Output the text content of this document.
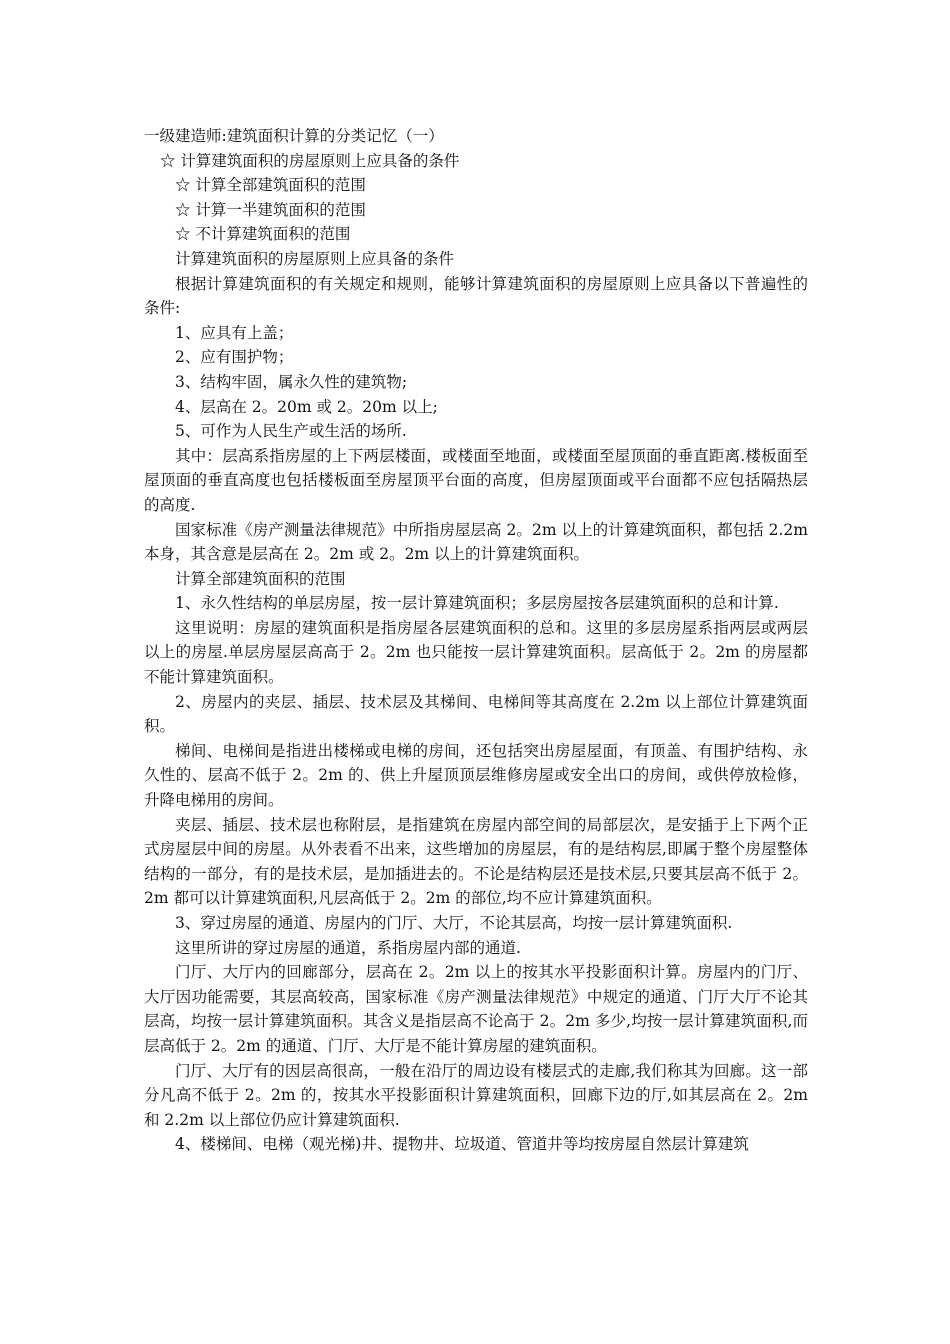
一级建造师:建筑面积计算的分类记忆（一）
☆ 计算建筑面积的房屋原则上应具备的条件
☆ 计算全部建筑面积的范围
☆ 计算一半建筑面积的范围
☆ 不计算建筑面积的范围

计算建筑面积的房屋原则上应具备的条件

根据计算建筑面积的有关规定和规则，能够计算建筑面积的房屋原则上应具备以下普遍性的条件:

1、应具有上盖；

2、应有围护物；

3、结构牢固，属永久性的建筑物;

4、层高在 2。20m 或 2。20m 以上;

5、可作为人民生产或生活的场所.

其中：层高系指房屋的上下两层楼面，或楼面至地面，或楼面至屋顶面的垂直距离.楼板面至屋顶面的垂直高度也包括楼板面至房屋顶平台面的高度，但房屋顶面或平台面都不应包括隔热层的高度.

国家标准《房产测量法律规范》中所指房屋层高 2。2m 以上的计算建筑面积，都包括 2.2m 本身，其含意是层高在 2。2m 或 2。2m 以上的计算建筑面积。

计算全部建筑面积的范围

1、永久性结构的单层房屋，按一层计算建筑面积；多层房屋按各层建筑面积的总和计算.

这里说明：房屋的建筑面积是指房屋各层建筑面积的总和。这里的多层房屋系指两层或两层以上的房屋.单层房屋层高高于 2。2m 也只能按一层计算建筑面积。层高低于 2。2m 的房屋都不能计算建筑面积。

2、房屋内的夹层、插层、技术层及其梯间、电梯间等其高度在 2.2m 以上部位计算建筑面积。

梯间、电梯间是指进出楼梯或电梯的房间，还包括突出房屋屋面，有顶盖、有围护结构、永久性的、层高不低于 2。2m 的、供上升屋顶顶层维修房屋或安全出口的房间，或供停放检修，升降电梯用的房间。

夹层、插层、技术层也称附层，是指建筑在房屋内部空间的局部层次，是安插于上下两个正式房屋层中间的房屋。从外表看不出来，这些增加的房屋层，有的是结构层,即属于整个房屋整体结构的一部分，有的是技术层，是加插进去的。不论是结构层还是技术层,只要其层高不低于 2。2m 都可以计算建筑面积,凡层高低于 2。2m 的部位,均不应计算建筑面积。

3、穿过房屋的通道、房屋内的门厅、大厅，不论其层高，均按一层计算建筑面积.

这里所讲的穿过房屋的通道，系指房屋内部的通道.

门厅、大厅内的回廊部分，层高在 2。2m 以上的按其水平投影面积计算。房屋内的门厅、大厅因功能需要，其层高较高，国家标准《房产测量法律规范》中规定的通道、门厅大厅不论其层高，均按一层计算建筑面积。其含义是指层高不论高于 2。2m 多少,均按一层计算建筑面积,而层高低于 2。2m 的通道、门厅、大厅是不能计算房屋的建筑面积。

门厅、大厅有的因层高很高，一般在沿厅的周边设有楼层式的走廊,我们称其为回廊。这一部分凡高不低于 2。2m 的，按其水平投影面积计算建筑面积，回廊下边的厅,如其层高在 2。2m 和 2.2m 以上部位仍应计算建筑面积.

4、楼梯间、电梯（观光梯)井、提物井、垃圾道、管道井等均按房屋自然层计算建筑
